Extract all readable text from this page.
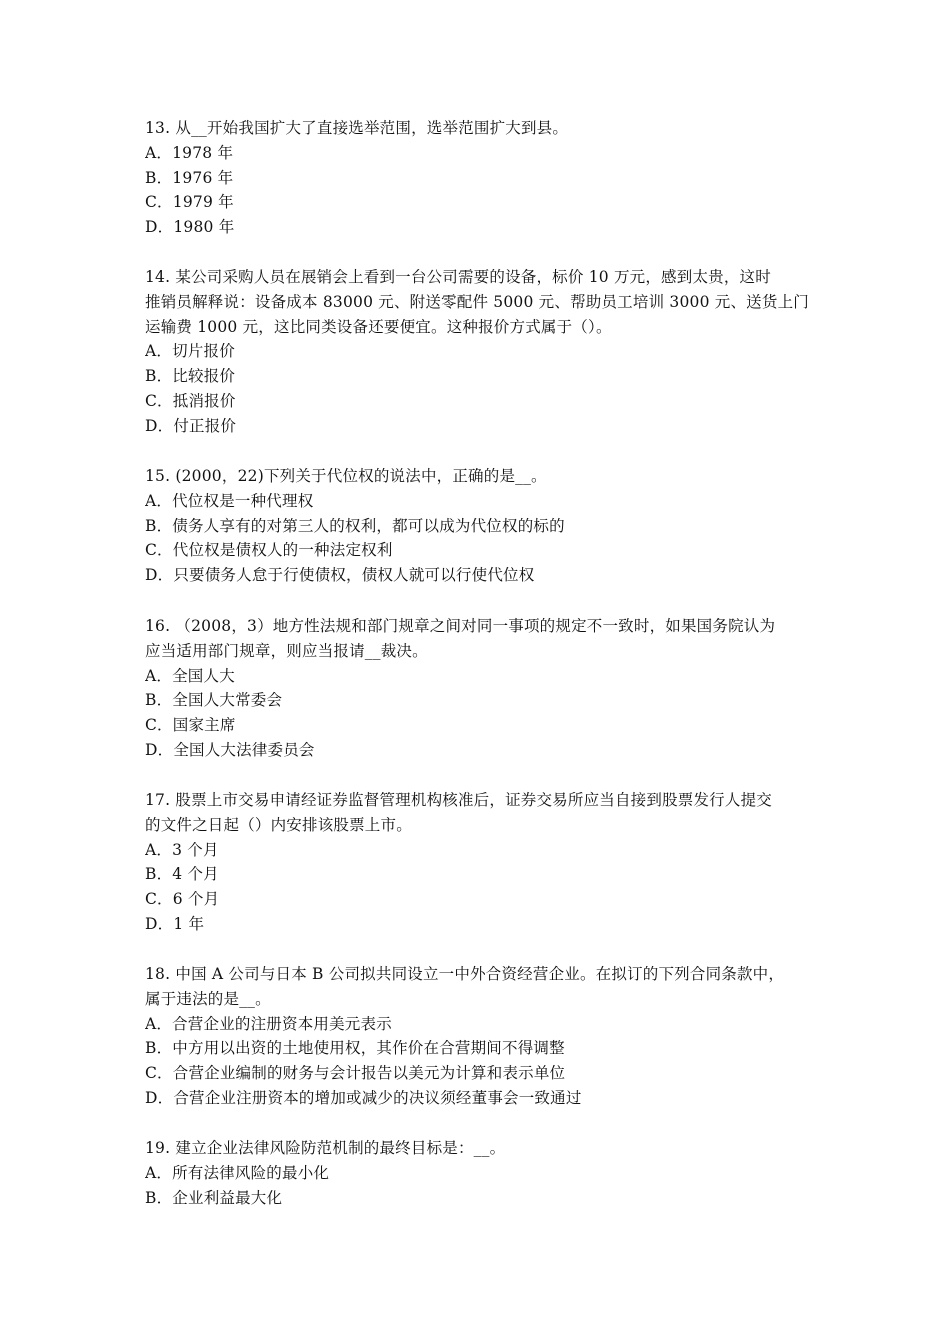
13. 从__开始我国扩大了直接选举范围，选举范围扩大到县。
A．1978 年
B．1976 年
C．1979 年
D．1980 年
14. 某公司采购人员在展销会上看到一台公司需要的设备，标价 10 万元，感到太贵，这时
推销员解释说：设备成本 83000 元、附送零配件 5000 元、帮助员工培训 3000 元、送货上门
运输费 1000 元，这比同类设备还要便宜。这种报价方式属于（）。
A．切片报价
B．比较报价
C．抵消报价
D．付正报价
15. (2000，22)下列关于代位权的说法中，正确的是__。
A．代位权是一种代理权
B．债务人享有的对第三人的权利，都可以成为代位权的标的
C．代位权是债权人的一种法定权利
D．只要债务人怠于行使债权，债权人就可以行使代位权
16. （2008，3）地方性法规和部门规章之间对同一事项的规定不一致时，如果国务院认为
应当适用部门规章，则应当报请__裁决。
A．全国人大
B．全国人大常委会
C．国家主席
D．全国人大法律委员会
17. 股票上市交易申请经证券监督管理机构核准后，证券交易所应当自接到股票发行人提交
的文件之日起（）内安排该股票上市。
A．3 个月
B．4 个月
C．6 个月
D．1 年
18. 中国 A 公司与日本 B 公司拟共同设立一中外合资经营企业。在拟订的下列合同条款中，
属于违法的是__。
A．合营企业的注册资本用美元表示
B．中方用以出资的土地使用权，其作价在合营期间不得调整
C．合营企业编制的财务与会计报告以美元为计算和表示单位
D．合营企业注册资本的增加或减少的决议须经董事会一致通过
19. 建立企业法律风险防范机制的最终目标是：__。
A．所有法律风险的最小化
B．企业利益最大化
